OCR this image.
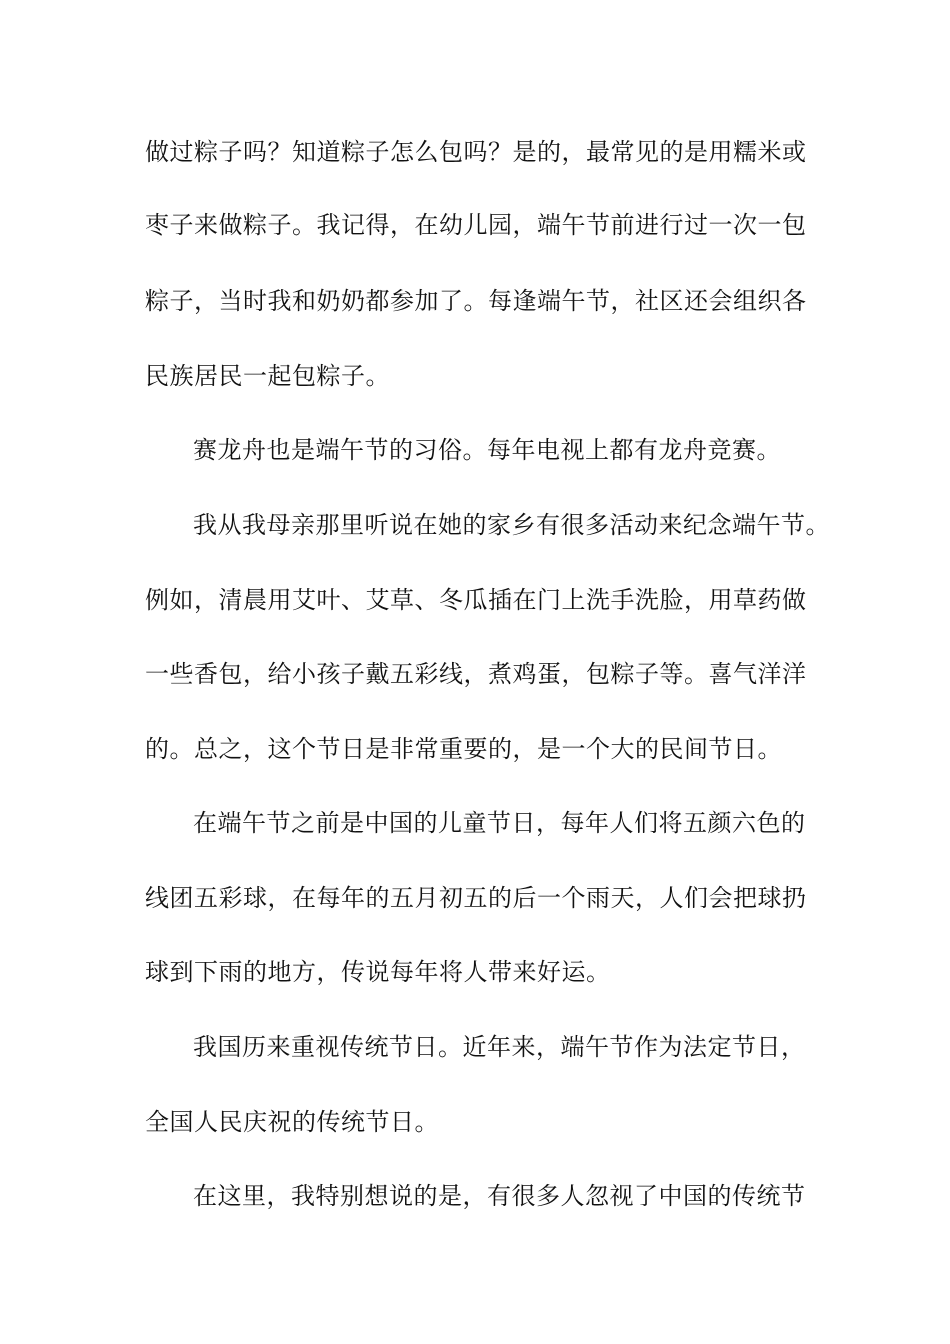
做过粽子吗？知道粽子怎么包吗？是的，最常见的是用糯米或
枣子来做粽子。我记得，在幼儿园，端午节前进行过一次一包
粽子，当时我和奶奶都参加了。每逢端午节，社区还会组织各
民族居民一起包粽子。
赛龙舟也是端午节的习俗。每年电视上都有龙舟竞赛。
我从我母亲那里听说在她的家乡有很多活动来纪念端午节。
例如，清晨用艾叶、艾草、冬瓜插在门上洗手洗脸，用草药做
一些香包，给小孩子戴五彩线，煮鸡蛋，包粽子等。喜气洋洋
的。总之，这个节日是非常重要的，是一个大的民间节日。
在端午节之前是中国的儿童节日，每年人们将五颜六色的
线团五彩球，在每年的五月初五的后一个雨天，人们会把球扔
球到下雨的地方，传说每年将人带来好运。
我国历来重视传统节日。近年来，端午节作为法定节日，
全国人民庆祝的传统节日。
在这里，我特别想说的是，有很多人忽视了中国的传统节
